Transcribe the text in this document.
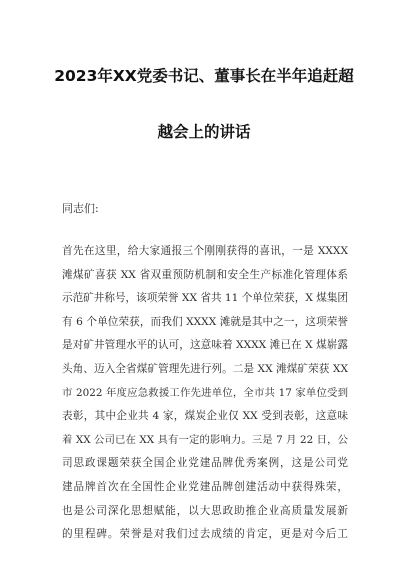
2023年XX党委书记、董事长在半年追赶超
越会上的讲话
同志们:
首先在这里，给大家通报三个刚刚获得的喜讯，一是 XXXX
滩煤矿喜获 XX 省双重预防机制和安全生产标准化管理体系
示范矿井称号，该项荣誉 XX 省共 11 个单位荣获，X 煤集团
有 6 个单位荣获，而我们 XXXX 滩就是其中之一，这项荣誉
是对矿井管理水平的认可，这意味着 XXXX 滩已在 X 煤崭露
头角、迈入全省煤矿管理先进行列。二是 XX 滩煤矿荣获 XX
市 2022 年度应急救援工作先进单位，全市共 17 家单位受到
表彰，其中企业共 4 家，煤炭企业仅 XX 受到表彰，这意味
着 XX 公司已在 XX 具有一定的影响力。三是 7 月 22 日，公
司思政课题荣获全国企业党建品牌优秀案例，这是公司党
建品牌首次在全国性企业党建品牌创建活动中获得殊荣，
也是公司深化思想赋能，以大思政助推企业高质量发展新
的里程碑。荣誉是对我们过去成绩的肯定，更是对今后工
